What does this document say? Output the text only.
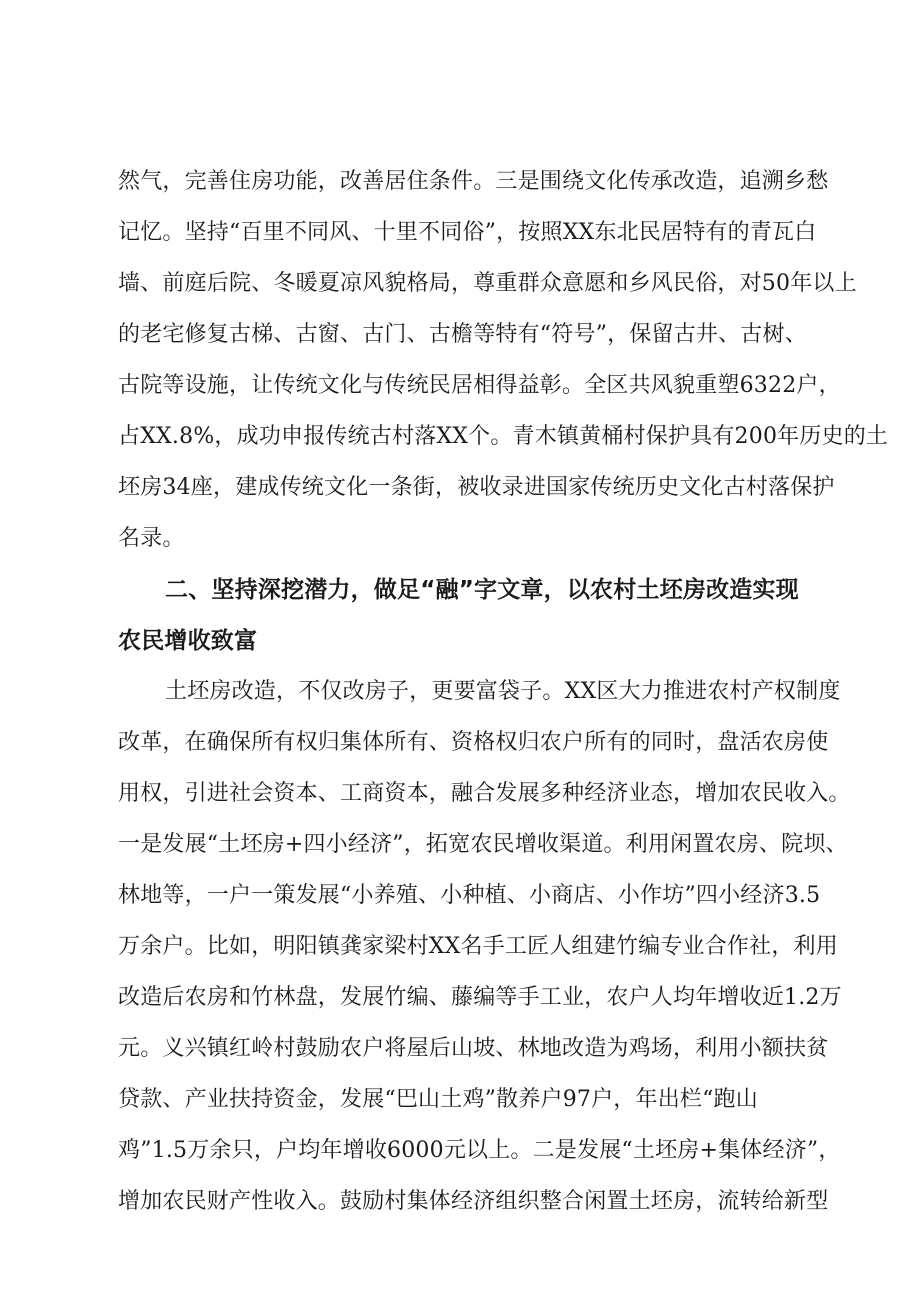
然气，完善住房功能，改善居住条件。三是围绕文化传承改造，追溯乡愁
记忆。坚持“百里不同风、十里不同俗”，按照XX东北民居特有的青瓦白
墙、前庭后院、冬暖夏凉风貌格局，尊重群众意愿和乡风民俗，对50年以上
的老宅修复古梯、古窗、古门、古檐等特有“符号”，保留古井、古树、
古院等设施，让传统文化与传统民居相得益彰。全区共风貌重塑6322户，
占XX.8%，成功申报传统古村落XX个。青木镇黄桶村保护具有200年历史的土
坯房34座，建成传统文化一条街，被收录进国家传统历史文化古村落保护
名录。
二、坚持深挖潜力，做足“融”字文章，以农村土坯房改造实现
农民增收致富
土坯房改造，不仅改房子，更要富袋子。XX区大力推进农村产权制度
改革，在确保所有权归集体所有、资格权归农户所有的同时，盘活农房使
用权，引进社会资本、工商资本，融合发展多种经济业态，增加农民收入。
一是发展“土坯房+四小经济”，拓宽农民增收渠道。利用闲置农房、院坝、
林地等，一户一策发展“小养殖、小种植、小商店、小作坊”四小经济3.5
万余户。比如，明阳镇龚家梁村XX名手工匠人组建竹编专业合作社，利用
改造后农房和竹林盘，发展竹编、藤编等手工业，农户人均年增收近1.2万
元。义兴镇红岭村鼓励农户将屋后山坡、林地改造为鸡场，利用小额扶贫
贷款、产业扶持资金，发展“巴山土鸡”散养户97户，年出栏“跑山
鸡”1.5万余只，户均年增收6000元以上。二是发展“土坯房+集体经济”，
增加农民财产性收入。鼓励村集体经济组织整合闲置土坯房，流转给新型
